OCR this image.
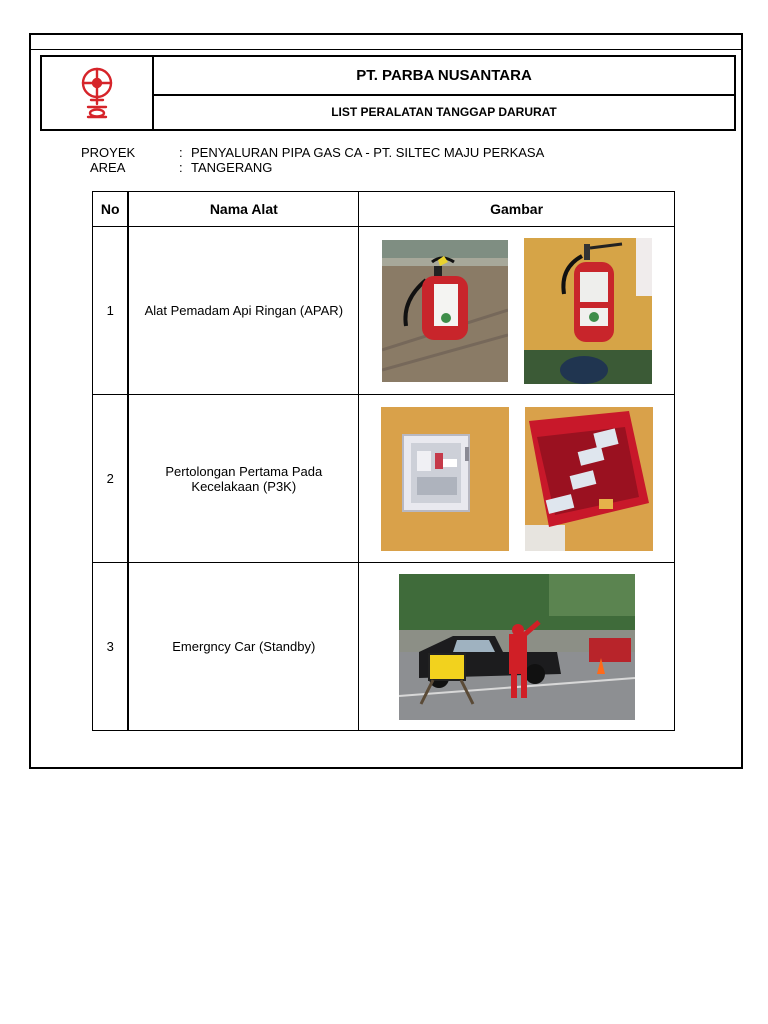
PT. PARBA NUSANTARA
LIST PERALATAN TANGGAP DARURAT
PROYEK	: PENYALURAN PIPA GAS CA - PT. SILTEC MAJU PERKASA
AREA	: TANGERANG
No	Nama Alat	Gambar
1	Alat Pemadam Api Ringan (APAR)	

2	Pertolongan Pertama Pada Kecelakaan (P3K)	

3	Emergncy Car (Standby)	
